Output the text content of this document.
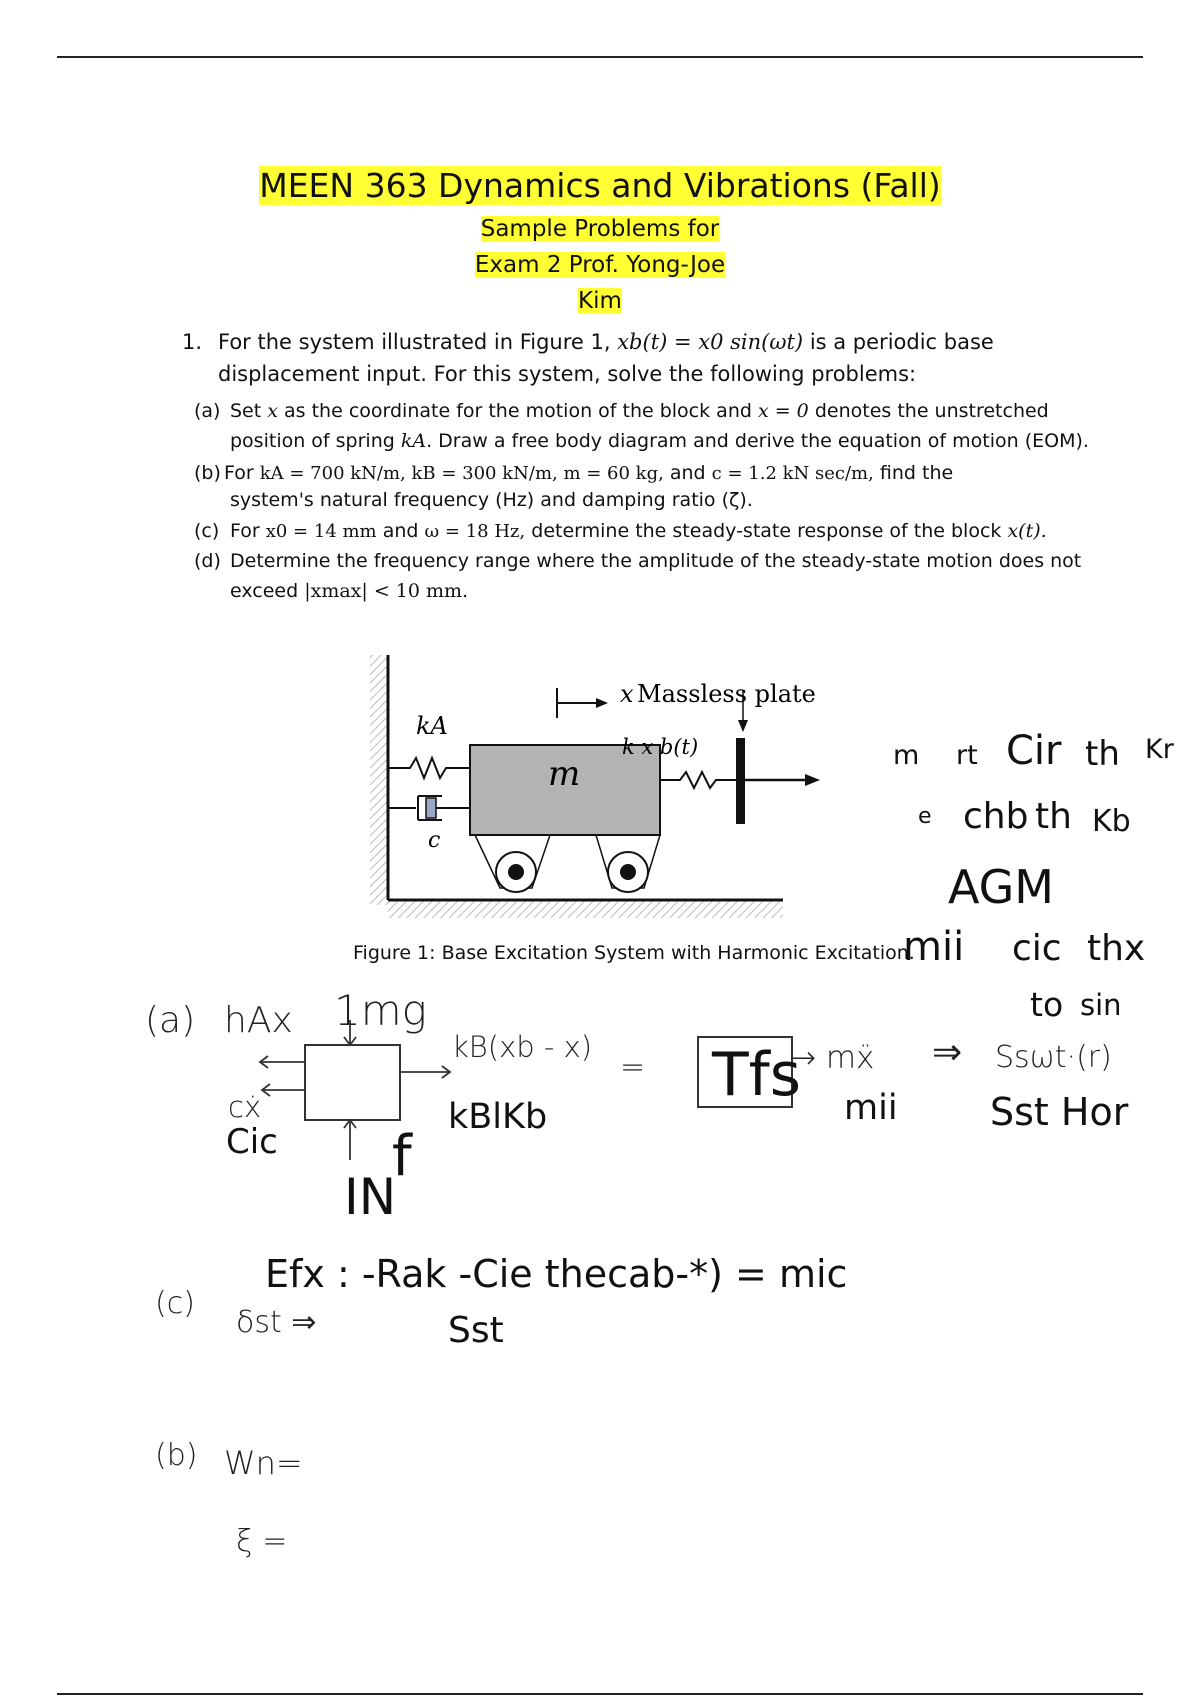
MEEN 363 Dynamics and Vibrations (Fall)
Sample Problems for
Exam 2 Prof. Yong-Joe
Kim
1. For the system illustrated in Figure 1, xb(t) = x0 sin(ωt) is a periodic base
displacement input. For this system, solve the following problems:
(a) Set x as the coordinate for the motion of the block and x = 0 denotes the unstretched
position of spring kA. Draw a free body diagram and derive the equation of motion (EOM).
(b) For kA = 700 kN/m, kB = 300 kN/m, m = 60 kg, and c = 1.2 kN sec/m, find the
system's natural frequency (Hz) and damping ratio (ζ).
(c) For x0 = 14 mm and ω = 18 Hz, determine the steady-state response of the block x(t).
(d) Determine the frequency range where the amplitude of the steady-state motion does not
exceed |xmax| < 10 mm.
kA
c
m
x Massless plate
k x b(t)
Figure 1: Base Excitation System with Harmonic Excitation.
m rt Cir th Kr
e chb th Kb
AGM
mii cic thx
to sin
(a) hAx 1mg
kB(xb - x)
= Tfs
→ mẍ ⇒ Ssωt·(r)
cẋ
Cic
kBlKb	mii Sst Hor
IN
f
(c)
Efx : -Rak -Cie thecab-*) = mic
δst ⇒	Sst
(b) Wn=
ξ =
